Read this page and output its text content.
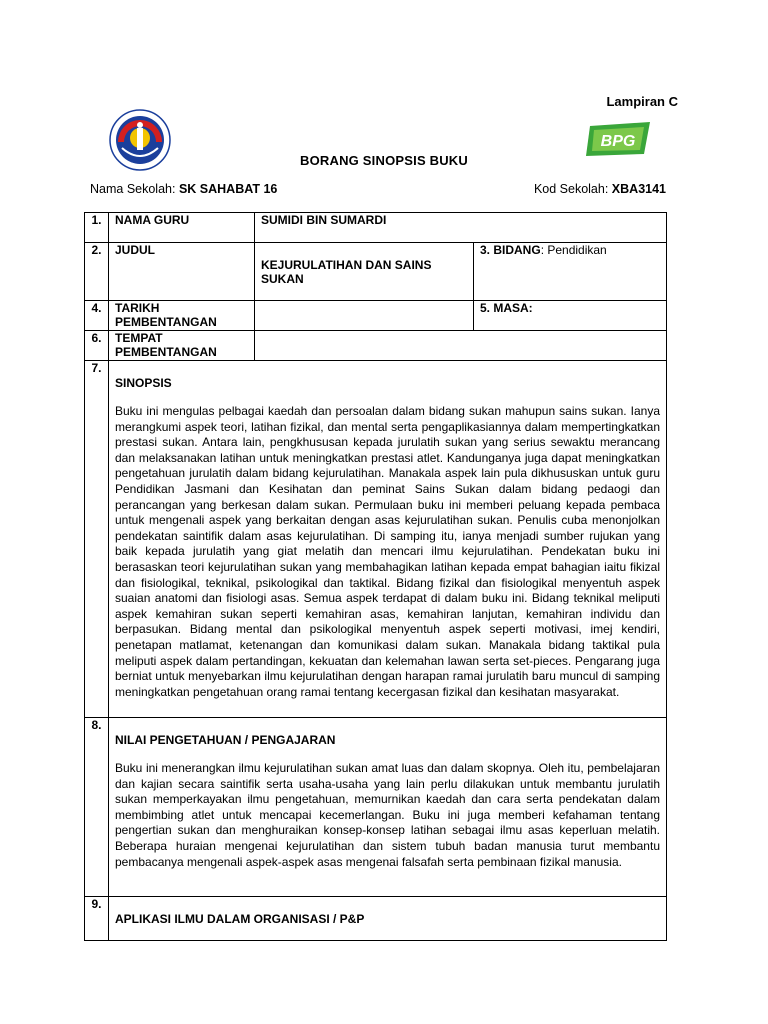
Lampiran C
BPG
BORANG SINOPSIS BUKU
Nama Sekolah: SK SAHABAT 16	Kod Sekolah: XBA3141
1.	NAMA GURU	SUMIDI BIN SUMARDI	
2.	JUDUL	KEJURULATIHAN DAN SAINS SUKAN	3. BIDANG: Pendidikan
4.	TARIKH PEMBENTANGAN		5. MASA:
6.	TEMPAT PEMBENTANGAN		
7.	SINOPSIS

Buku ini mengulas pelbagai kaedah dan persoalan dalam bidang sukan mahupun sains sukan. Ianya merangkumi aspek teori, latihan fizikal, dan mental serta pengaplikasiannya dalam mempertingkatkan prestasi sukan. Antara lain, pengkhususan kepada jurulatih sukan yang serius sewaktu merancang dan melaksanakan latihan untuk meningkatkan prestasi atlet. Kandunganya juga dapat meningkatkan pengetahuan jurulatih dalam bidang kejurulatihan. Manakala aspek lain pula dikhususkan untuk guru Pendidikan Jasmani dan Kesihatan dan peminat Sains Sukan dalam bidang pedaogi dan perancangan yang berkesan dalam sukan. Permulaan buku ini memberi peluang kepada pembaca untuk mengenali aspek yang berkaitan dengan asas kejurulatihan sukan. Penulis cuba menonjolkan pendekatan saintifik dalam asas kejurulatihan. Di samping itu, ianya menjadi sumber rujukan yang baik kepada jurulatih yang giat melatih dan mencari ilmu kejurulatihan. Pendekatan buku ini berasaskan teori kejurulatihan sukan yang membahagikan latihan kepada empat bahagian iaitu fikizal dan fisiologikal, teknikal, psikologikal dan taktikal. Bidang fizikal dan fisiologikal menyentuh aspek suaian anatomi dan fisiologi asas. Semua aspek terdapat di dalam buku ini. Bidang teknikal meliputi aspek kemahiran sukan seperti kemahiran asas, kemahiran lanjutan, kemahiran individu dan berpasukan. Bidang mental dan psikologikal menyentuh aspek seperti motivasi, imej kendiri, penetapan matlamat, ketenangan dan komunikasi dalam sukan. Manakala bidang taktikal pula meliputi aspek dalam pertandingan, kekuatan dan kelemahan lawan serta set-pieces. Pengarang juga berniat untuk menyebarkan ilmu kejurulatihan dengan harapan ramai jurulatih baru muncul di samping meningkatkan pengetahuan orang ramai tentang kecergasan fizikal dan kesihatan masyarakat.		

8.	NILAI PENGETAHUAN / PENGAJARAN

Buku ini menerangkan ilmu kejurulatihan sukan amat luas dan dalam skopnya. Oleh itu, pembelajaran dan kajian secara saintifik serta usaha-usaha yang lain perlu dilakukan untuk membantu jurulatih sukan memperkayakan ilmu pengetahuan, memurnikan kaedah dan cara serta pendekatan dalam membimbing atlet untuk mencapai kecemerlangan. Buku ini juga memberi kefahaman tentang pengertian sukan dan menghuraikan konsep-konsep latihan sebagai ilmu asas keperluan melatih. Beberapa huraian mengenai kejurulatihan dan sistem tubuh badan manusia turut membantu pembacanya mengenali aspek-aspek asas mengenai falsafah serta pembinaan fizikal manusia.		

9.	APLIKASI ILMU DALAM ORGANISASI / P&P		
